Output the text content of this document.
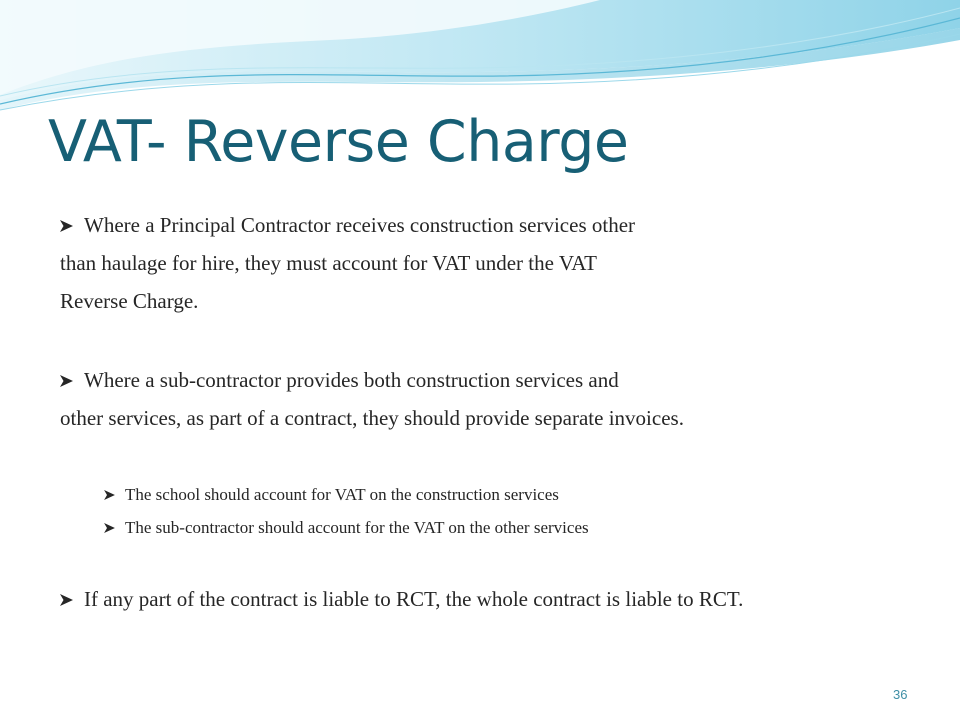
VAT- Reverse Charge

Where a Principal Contractor receives construction services other

than haulage for hire, they must account for VAT under the VAT

Reverse Charge.

Where a sub-contractor provides both construction services and

other services, as part of a contract, they should provide separate invoices.

The school should account for VAT on the construction services

The sub-contractor should account for the VAT on the other services

If any part of the contract is liable to RCT, the whole contract is liable to RCT.

36
